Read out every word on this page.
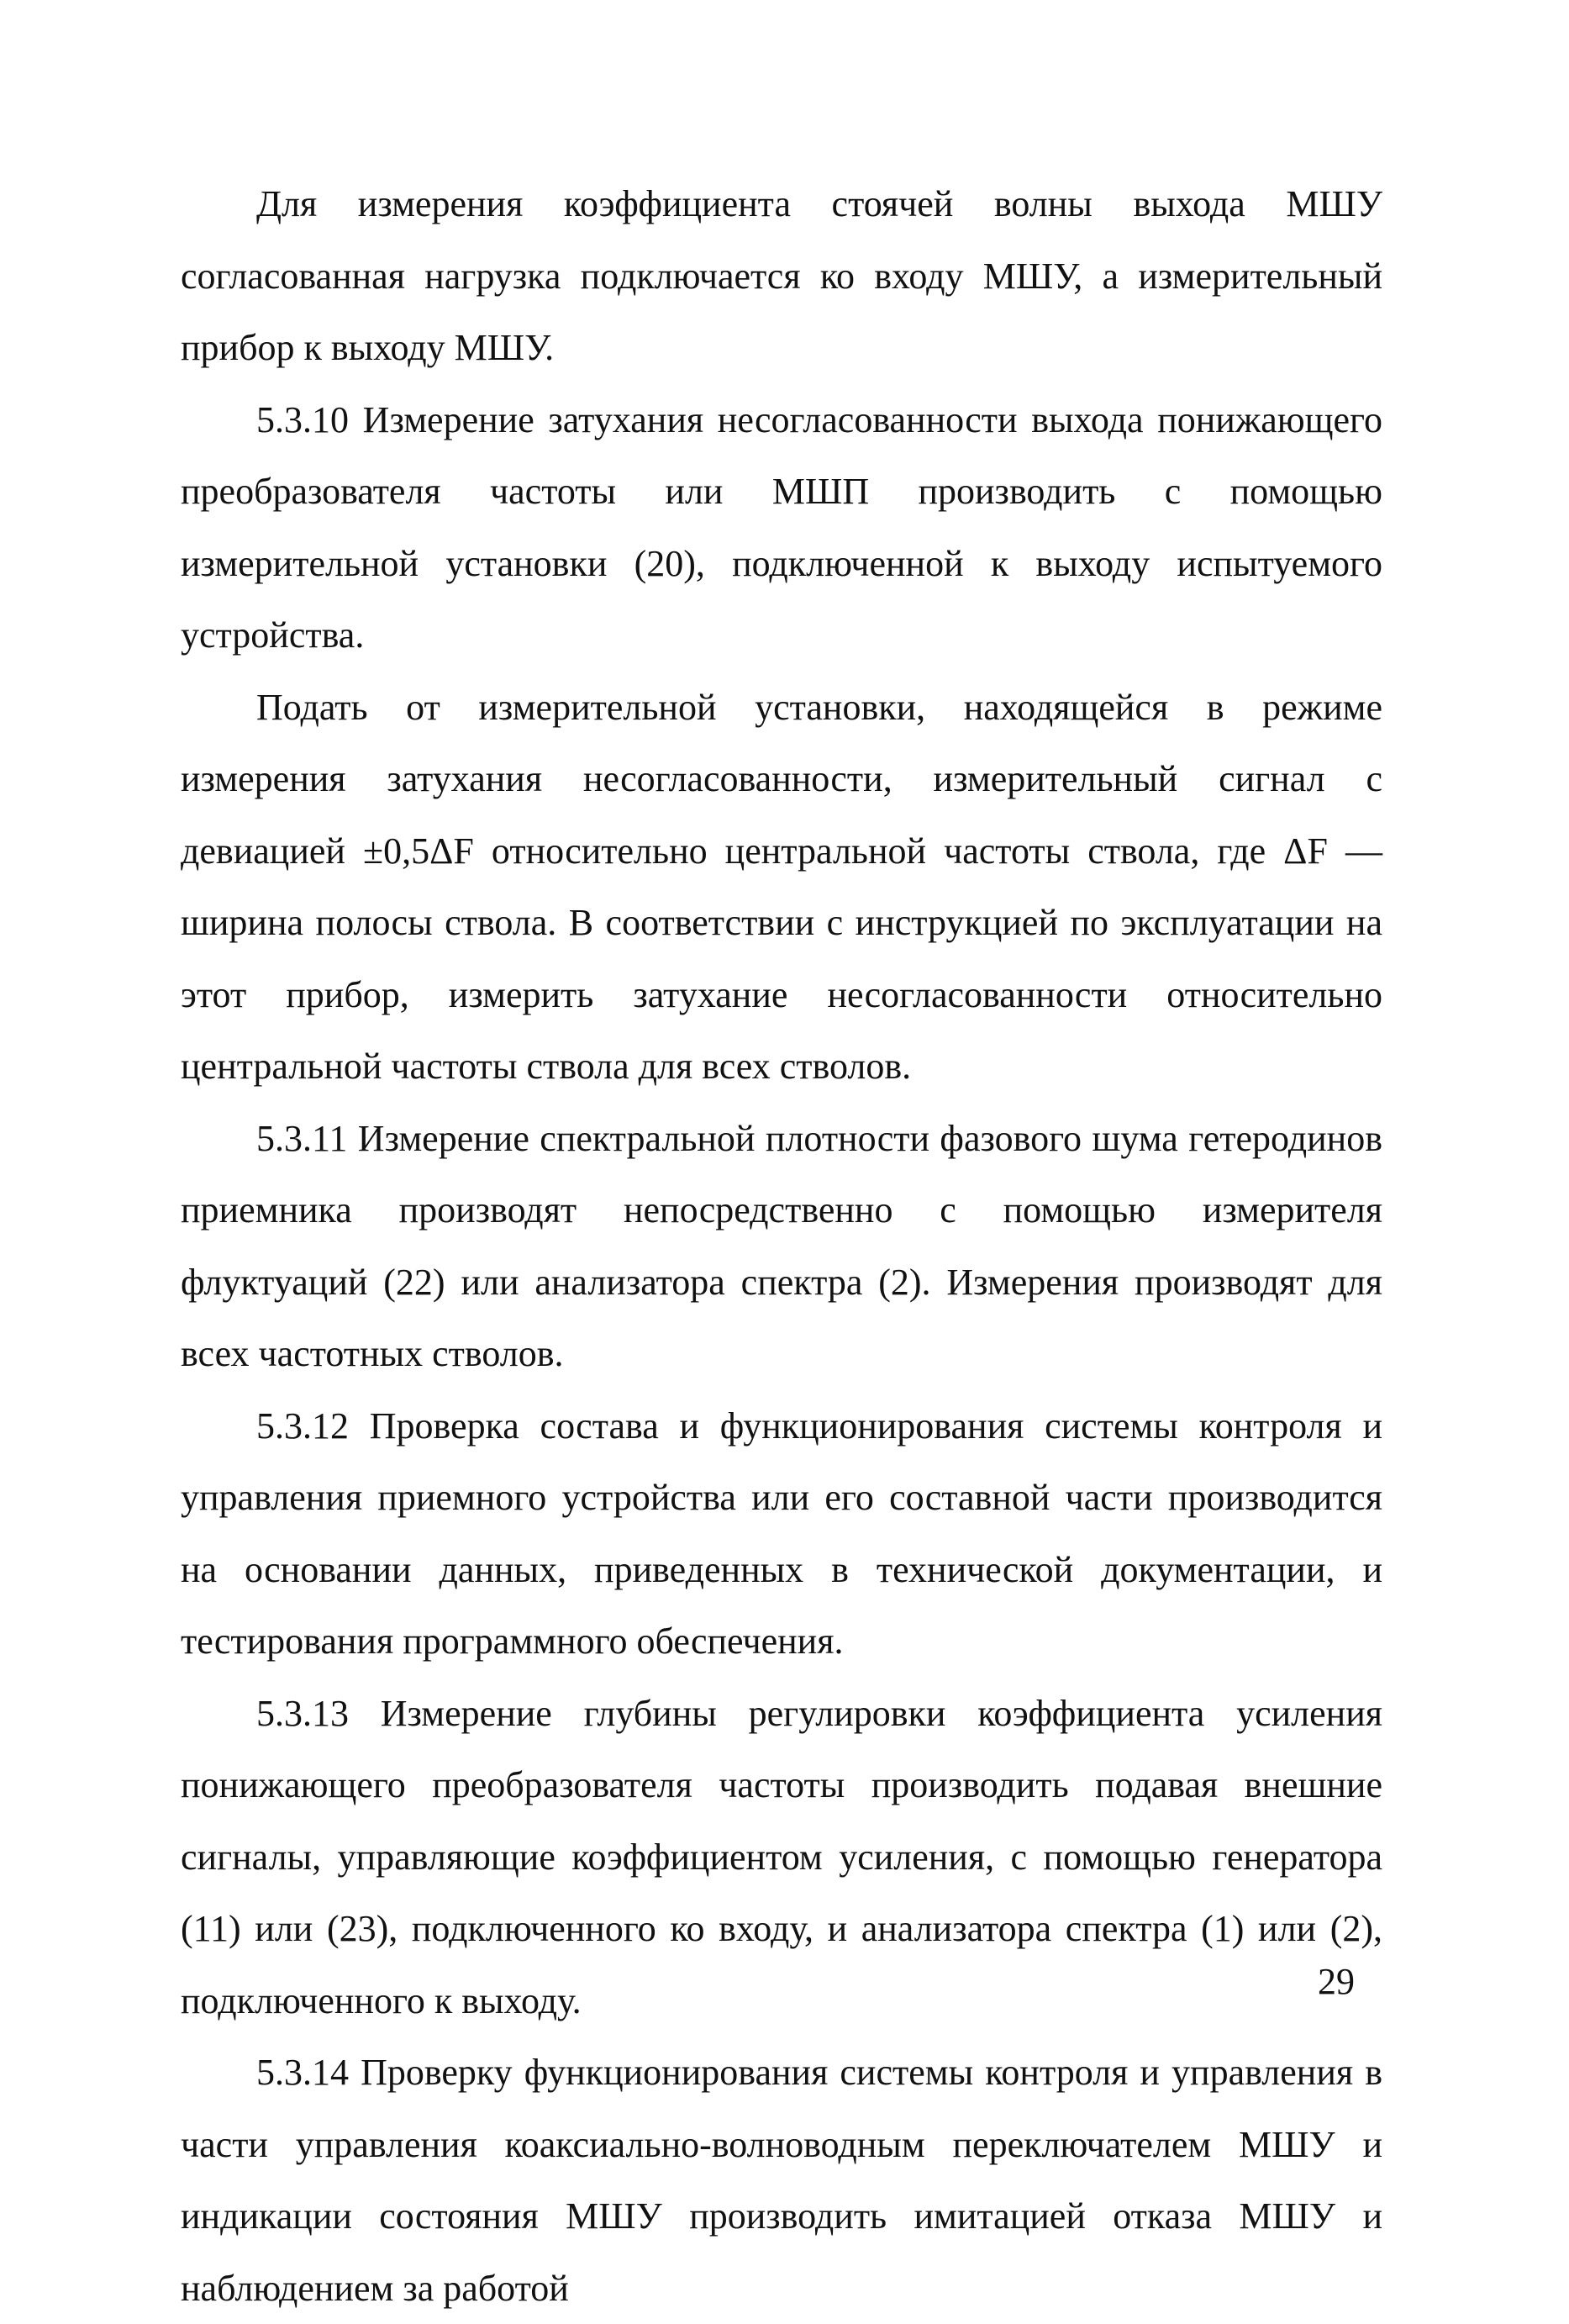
Для измерения коэффициента стоячей волны выхода МШУ согласованная нагрузка подключается ко входу МШУ, а измерительный прибор к выходу МШУ.

5.3.10 Измерение затухания несогласованности выхода понижающего преобразователя частоты или МШП производить с помощью измерительной установки (20), подключенной к выходу испытуемого устройства.

Подать от измерительной установки, находящейся в режиме измерения затухания несогласованности, измерительный сигнал с девиацией ±0,5ΔF относительно центральной частоты ствола, где ΔF — ширина полосы ствола. В соответствии с инструкцией по эксплуатации на этот прибор, измерить затухание несогласованности относительно центральной частоты ствола для всех стволов.

5.3.11 Измерение спектральной плотности фазового шума гетеродинов приемника производят непосредственно с помощью измерителя флуктуаций (22) или анализатора спектра (2). Измерения производят для всех частотных стволов.

5.3.12 Проверка состава и функционирования системы контроля и управления приемного устройства или его составной части производится на основании данных, приведенных в технической документации, и тестирования программного обеспечения.

5.3.13 Измерение глубины регулировки коэффициента усиления понижающего преобразователя частоты производить подавая внешние сигналы, управляющие коэффициентом усиления, с помощью генератора (11) или (23), подключенного ко входу, и анализатора спектра (1) или (2), подключенного к выходу.

5.3.14 Проверку функционирования системы контроля и управления в части управления коаксиально-волноводным переключателем МШУ и индикации состояния МШУ производить имитацией отказа МШУ и наблюдением за работой

29
